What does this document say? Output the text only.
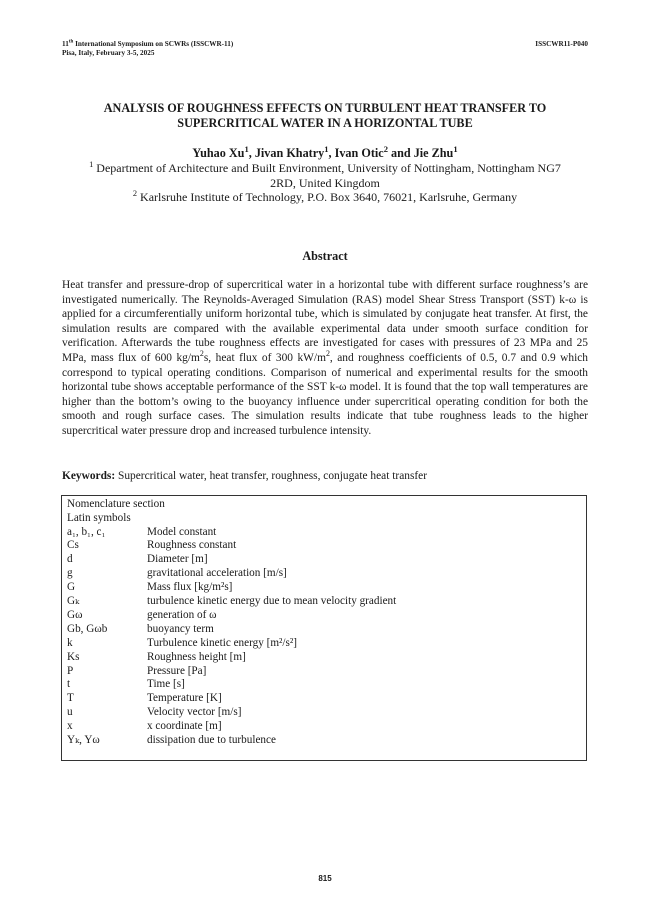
11th International Symposium on SCWRs (ISSCWR-11)
Pisa, Italy, February 3-5, 2025
ISSCWR11-P040
ANALYSIS OF ROUGHNESS EFFECTS ON TURBULENT HEAT TRANSFER TO
SUPERCRITICAL WATER IN A HORIZONTAL TUBE
Yuhao Xu$^1$, Jivan Khatry$^1$, Ivan Otic$^2$ and Jie Zhu$^1$
$^1$ Department of Architecture and Built Environment, University of Nottingham, Nottingham NG7
2RD, United Kingdom
$^2$ Karlsruhe Institute of Technology, P.O. Box 3640, 76021, Karlsruhe, Germany
Abstract

Heat transfer and pressure-drop of supercritical water in a horizontal tube with different surface roughness’s are investigated numerically. The Reynolds-Averaged Simulation (RAS) model Shear Stress Transport (SST) k-ω is applied for a circumferentially uniform horizontal tube, which is simulated by conjugate heat transfer. At first, the simulation results are compared with the available experimental data under smooth surface condition for verification. Afterwards the tube roughness effects are investigated for cases with pressures of 23 MPa and 25 MPa, mass flux of 600 $kg/m^2s$, heat flux of 300 $kW/m^2$, and roughness coefficients of 0.5, 0.7 and 0.9 which correspond to typical operating conditions. Comparison of numerical and experimental results for the smooth horizontal tube shows acceptable performance of the SST k-ω model. It is found that the top wall temperatures are higher than the bottom’s owing to the buoyancy influence under supercritical operating condition for both the smooth and rough surface cases. The simulation results indicate that tube roughness leads to the higher supercritical water pressure drop and increased turbulence intensity.

Keywords: Supercritical water, heat transfer, roughness, conjugate heat transfer

Nomenclature section
Latin symbols
a₁, b₁, c₁	Model constant
Cs	Roughness constant
d	Diameter [m]
g	gravitational acceleration [m/s]
G	Mass flux [kg/m²s]
Gₖ	turbulence kinetic energy due to mean velocity gradient
Gω	generation of ω
Gb, Gωb	buoyancy term
k	Turbulence kinetic energy [m²/s²]
Ks	Roughness height [m]
P	Pressure [Pa]
t	Time [s]
T	Temperature [K]
u	Velocity vector [m/s]
x	x coordinate [m]
Yₖ, Yω	dissipation due to turbulence
815
